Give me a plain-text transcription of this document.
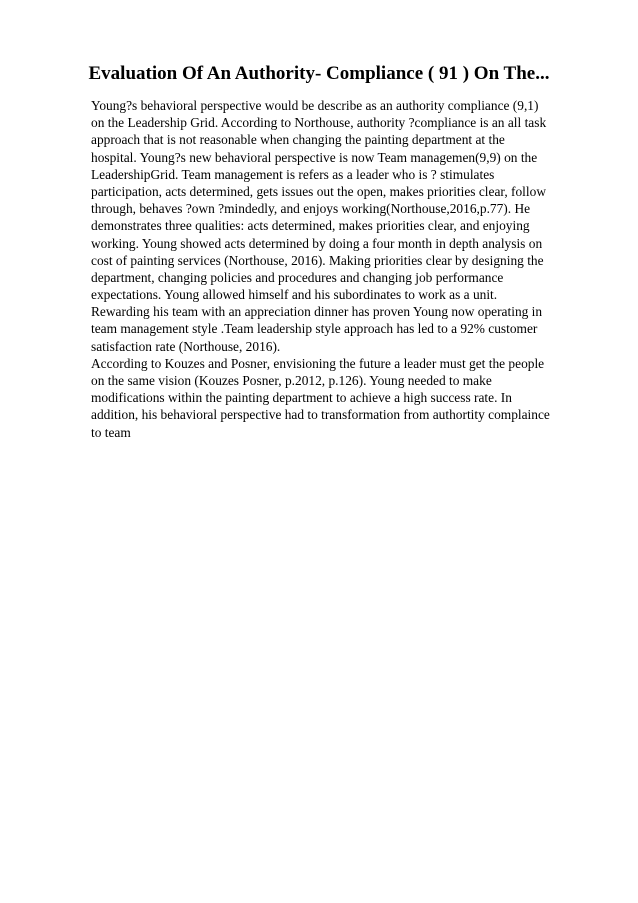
Evaluation Of An Authority- Compliance ( 91 ) On The...
Young?s behavioral perspective would be describe as an authority compliance (9,1)
on the Leadership Grid. According to Northouse, authority ?compliance is an all task
approach that is not reasonable when changing the painting department at the
hospital. Young?s new behavioral perspective is now Team managemen(9,9) on the
LeadershipGrid. Team management is refers as a leader who is ? stimulates
participation, acts determined, gets issues out the open, makes priorities clear, follow
through, behaves ?own ?mindedly, and enjoys working(Northouse,2016,p.77). He
demonstrates three qualities: acts determined, makes priorities clear, and enjoying
working. Young showed acts determined by doing a four month in depth analysis on
cost of painting services (Northouse, 2016). Making priorities clear by designing the
department, changing policies and procedures and changing job performance
expectations. Young allowed himself and his subordinates to work as a unit.
Rewarding his team with an appreciation dinner has proven Young now operating in
team management style .Team leadership style approach has led to a 92% customer
satisfaction rate (Northouse, 2016).
According to Kouzes and Posner, envisioning the future a leader must get the people
on the same vision (Kouzes Posner, p.2012, p.126). Young needed to make
modifications within the painting department to achieve a high success rate. In
addition, his behavioral perspective had to transformation from authortity complaince
to team
